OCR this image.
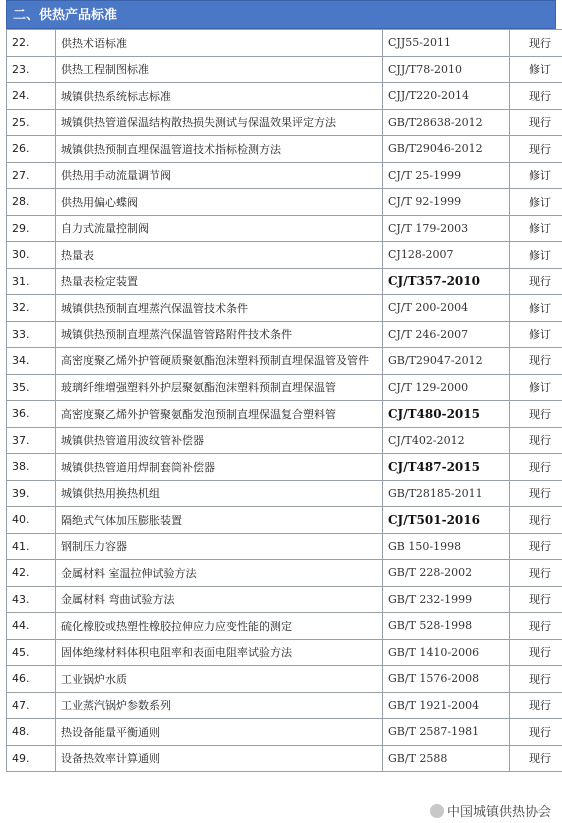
二、供热产品标准
22.	供热术语标准	CJJ55-2011	现行
23.	供热工程制图标准	CJJ/T78-2010	修订
24.	城镇供热系统标志标准	CJJ/T220-2014	现行
25.	城镇供热管道保温结构散热损失测试与保温效果评定方法	GB/T28638-2012	现行
26.	城镇供热预制直埋保温管道技术指标检测方法	GB/T29046-2012	现行
27.	供热用手动流量调节阀	CJ/T 25-1999	修订
28.	供热用偏心蝶阀	CJ/T 92-1999	修订
29.	自力式流量控制阀	CJ/T 179-2003	修订
30.	热量表	CJ128-2007	修订
31.	热量表检定装置	CJ/T357-2010	现行
32.	城镇供热预制直埋蒸汽保温管技术条件	CJ/T 200-2004	修订
33.	城镇供热预制直埋蒸汽保温管管路附件技术条件	CJ/T 246-2007	修订
34.	高密度聚乙烯外护管硬质聚氨酯泡沫塑料预制直埋保温管及管件	GB/T29047-2012	现行
35.	玻璃纤维增强塑料外护层聚氨酯泡沫塑料预制直埋保温管	CJ/T 129-2000	修订
36.	高密度聚乙烯外护管聚氨酯发泡预制直埋保温复合塑料管	CJ/T480-2015	现行
37.	城镇供热管道用波纹管补偿器	CJ/T402-2012	现行
38.	城镇供热管道用焊制套筒补偿器	CJ/T487-2015	现行
39.	城镇供热用换热机组	GB/T28185-2011	现行
40.	隔绝式气体加压膨胀装置	CJ/T501-2016	现行
41.	钢制压力容器	GB 150-1998	现行
42.	金属材料 室温拉伸试验方法	GB/T 228-2002	现行
43.	金属材料 弯曲试验方法	GB/T 232-1999	现行
44.	硫化橡胶或热塑性橡胶拉伸应力应变性能的测定	GB/T 528-1998	现行
45.	固体绝缘材料体积电阻率和表面电阻率试验方法	GB/T 1410-2006	现行
46.	工业锅炉水质	GB/T 1576-2008	现行
47.	工业蒸汽锅炉参数系列	GB/T 1921-2004	现行
48.	热设备能量平衡通则	GB/T 2587-1981	现行
49.	设备热效率计算通则	GB/T 2588	现行
中国城镇供热协会
